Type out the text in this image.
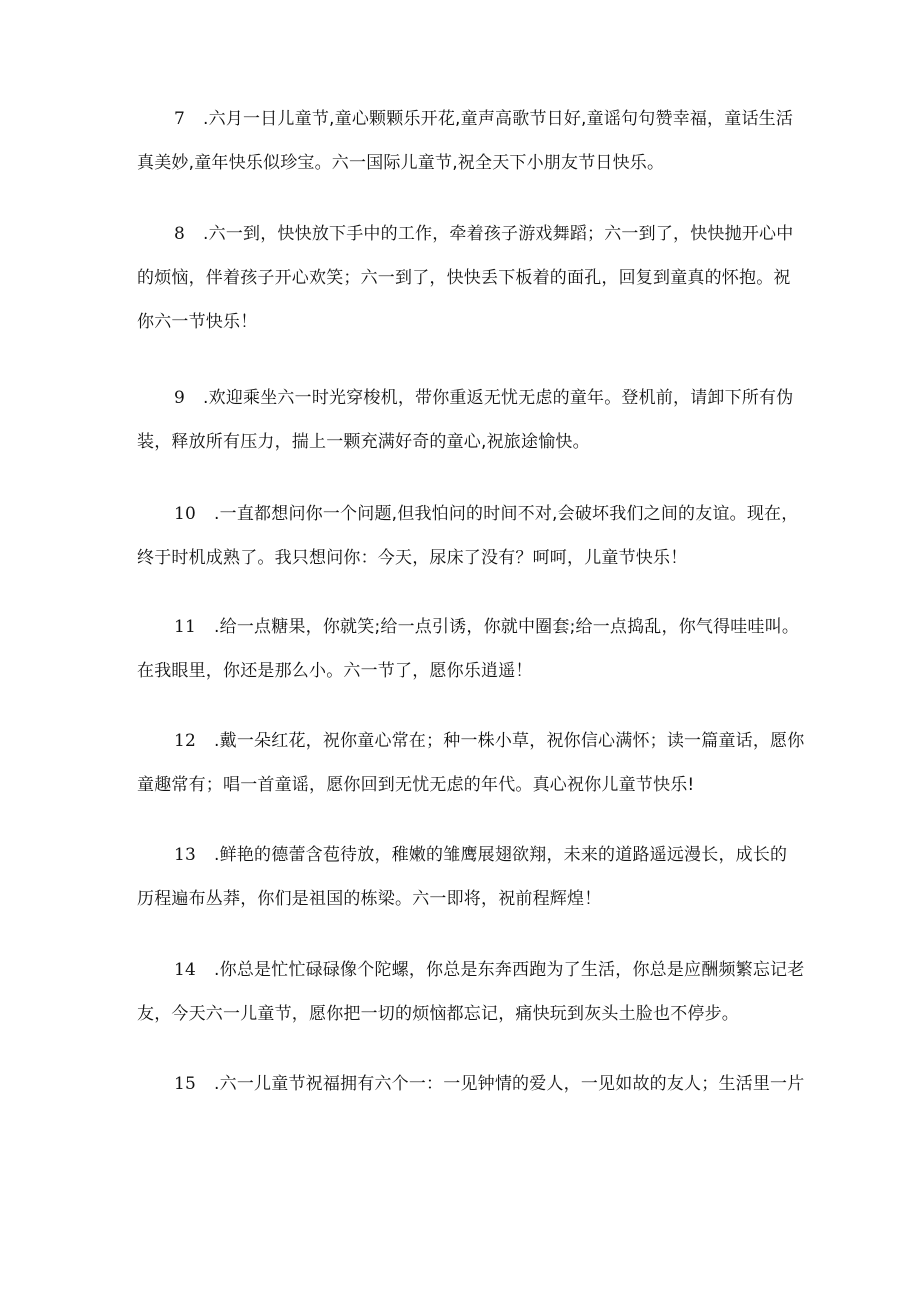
7 .六月一日儿童节,童心颗颗乐开花,童声高歌节日好,童谣句句赞幸福，童话生活
真美妙,童年快乐似珍宝。六一国际儿童节,祝全天下小朋友节日快乐。

8 .六一到，快快放下手中的工作，牵着孩子游戏舞蹈；六一到了，快快抛开心中
的烦恼，伴着孩子开心欢笑；六一到了，快快丢下板着的面孔，回复到童真的怀抱。祝
你六一节快乐！

9 .欢迎乘坐六一时光穿梭机，带你重返无忧无虑的童年。登机前，请卸下所有伪
装，释放所有压力，揣上一颗充满好奇的童心,祝旅途愉快。

10 .一直都想问你一个问题,但我怕问的时间不对,会破坏我们之间的友谊。现在，
终于时机成熟了。我只想问你：今天，尿床了没有？呵呵，儿童节快乐！

11 .给一点糖果，你就笑;给一点引诱，你就中圈套;给一点捣乱，你气得哇哇叫。
在我眼里，你还是那么小。六一节了，愿你乐逍遥！

12 .戴一朵红花，祝你童心常在；种一株小草，祝你信心满怀；读一篇童话，愿你
童趣常有；唱一首童谣，愿你回到无忧无虑的年代。真心祝你儿童节快乐!

13 .鲜艳的德蕾含苞待放，稚嫩的雏鹰展翅欲翔，未来的道路遥远漫长，成长的
历程遍布丛莽，你们是祖国的栋梁。六一即将，祝前程辉煌！

14 .你总是忙忙碌碌像个陀螺，你总是东奔西跑为了生活，你总是应酬频繁忘记老
友，今天六一儿童节，愿你把一切的烦恼都忘记，痛快玩到灰头土脸也不停步。

15 .六一儿童节祝福拥有六个一：一见钟情的爱人，一见如故的友人；生活里一片
